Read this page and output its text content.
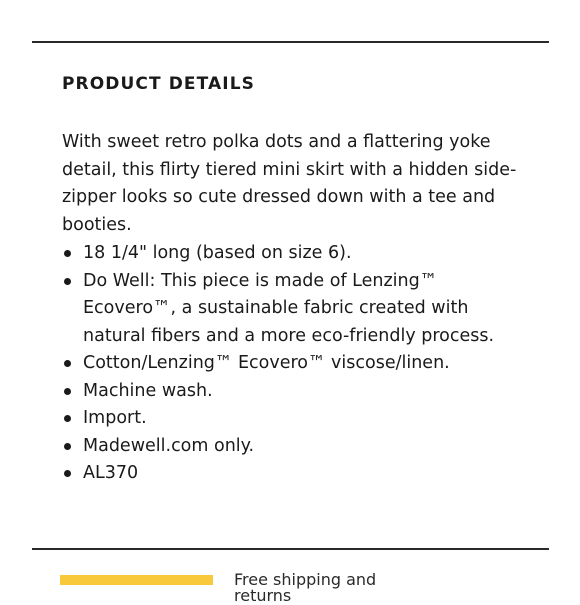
PRODUCT DETAILS

With sweet retro polka dots and a flattering yoke detail, this flirty tiered mini skirt with a hidden side-zipper looks so cute dressed down with a tee and booties.

18 1/4" long (based on size 6).
Do Well: This piece is made of Lenzing™ Ecovero™, a sustainable fabric created with natural fibers and a more eco-friendly process.
Cotton/Lenzing™ Ecovero™ viscose/linen.
Machine wash.
Import.
Madewell.com only.
AL370
Free shipping and returns
